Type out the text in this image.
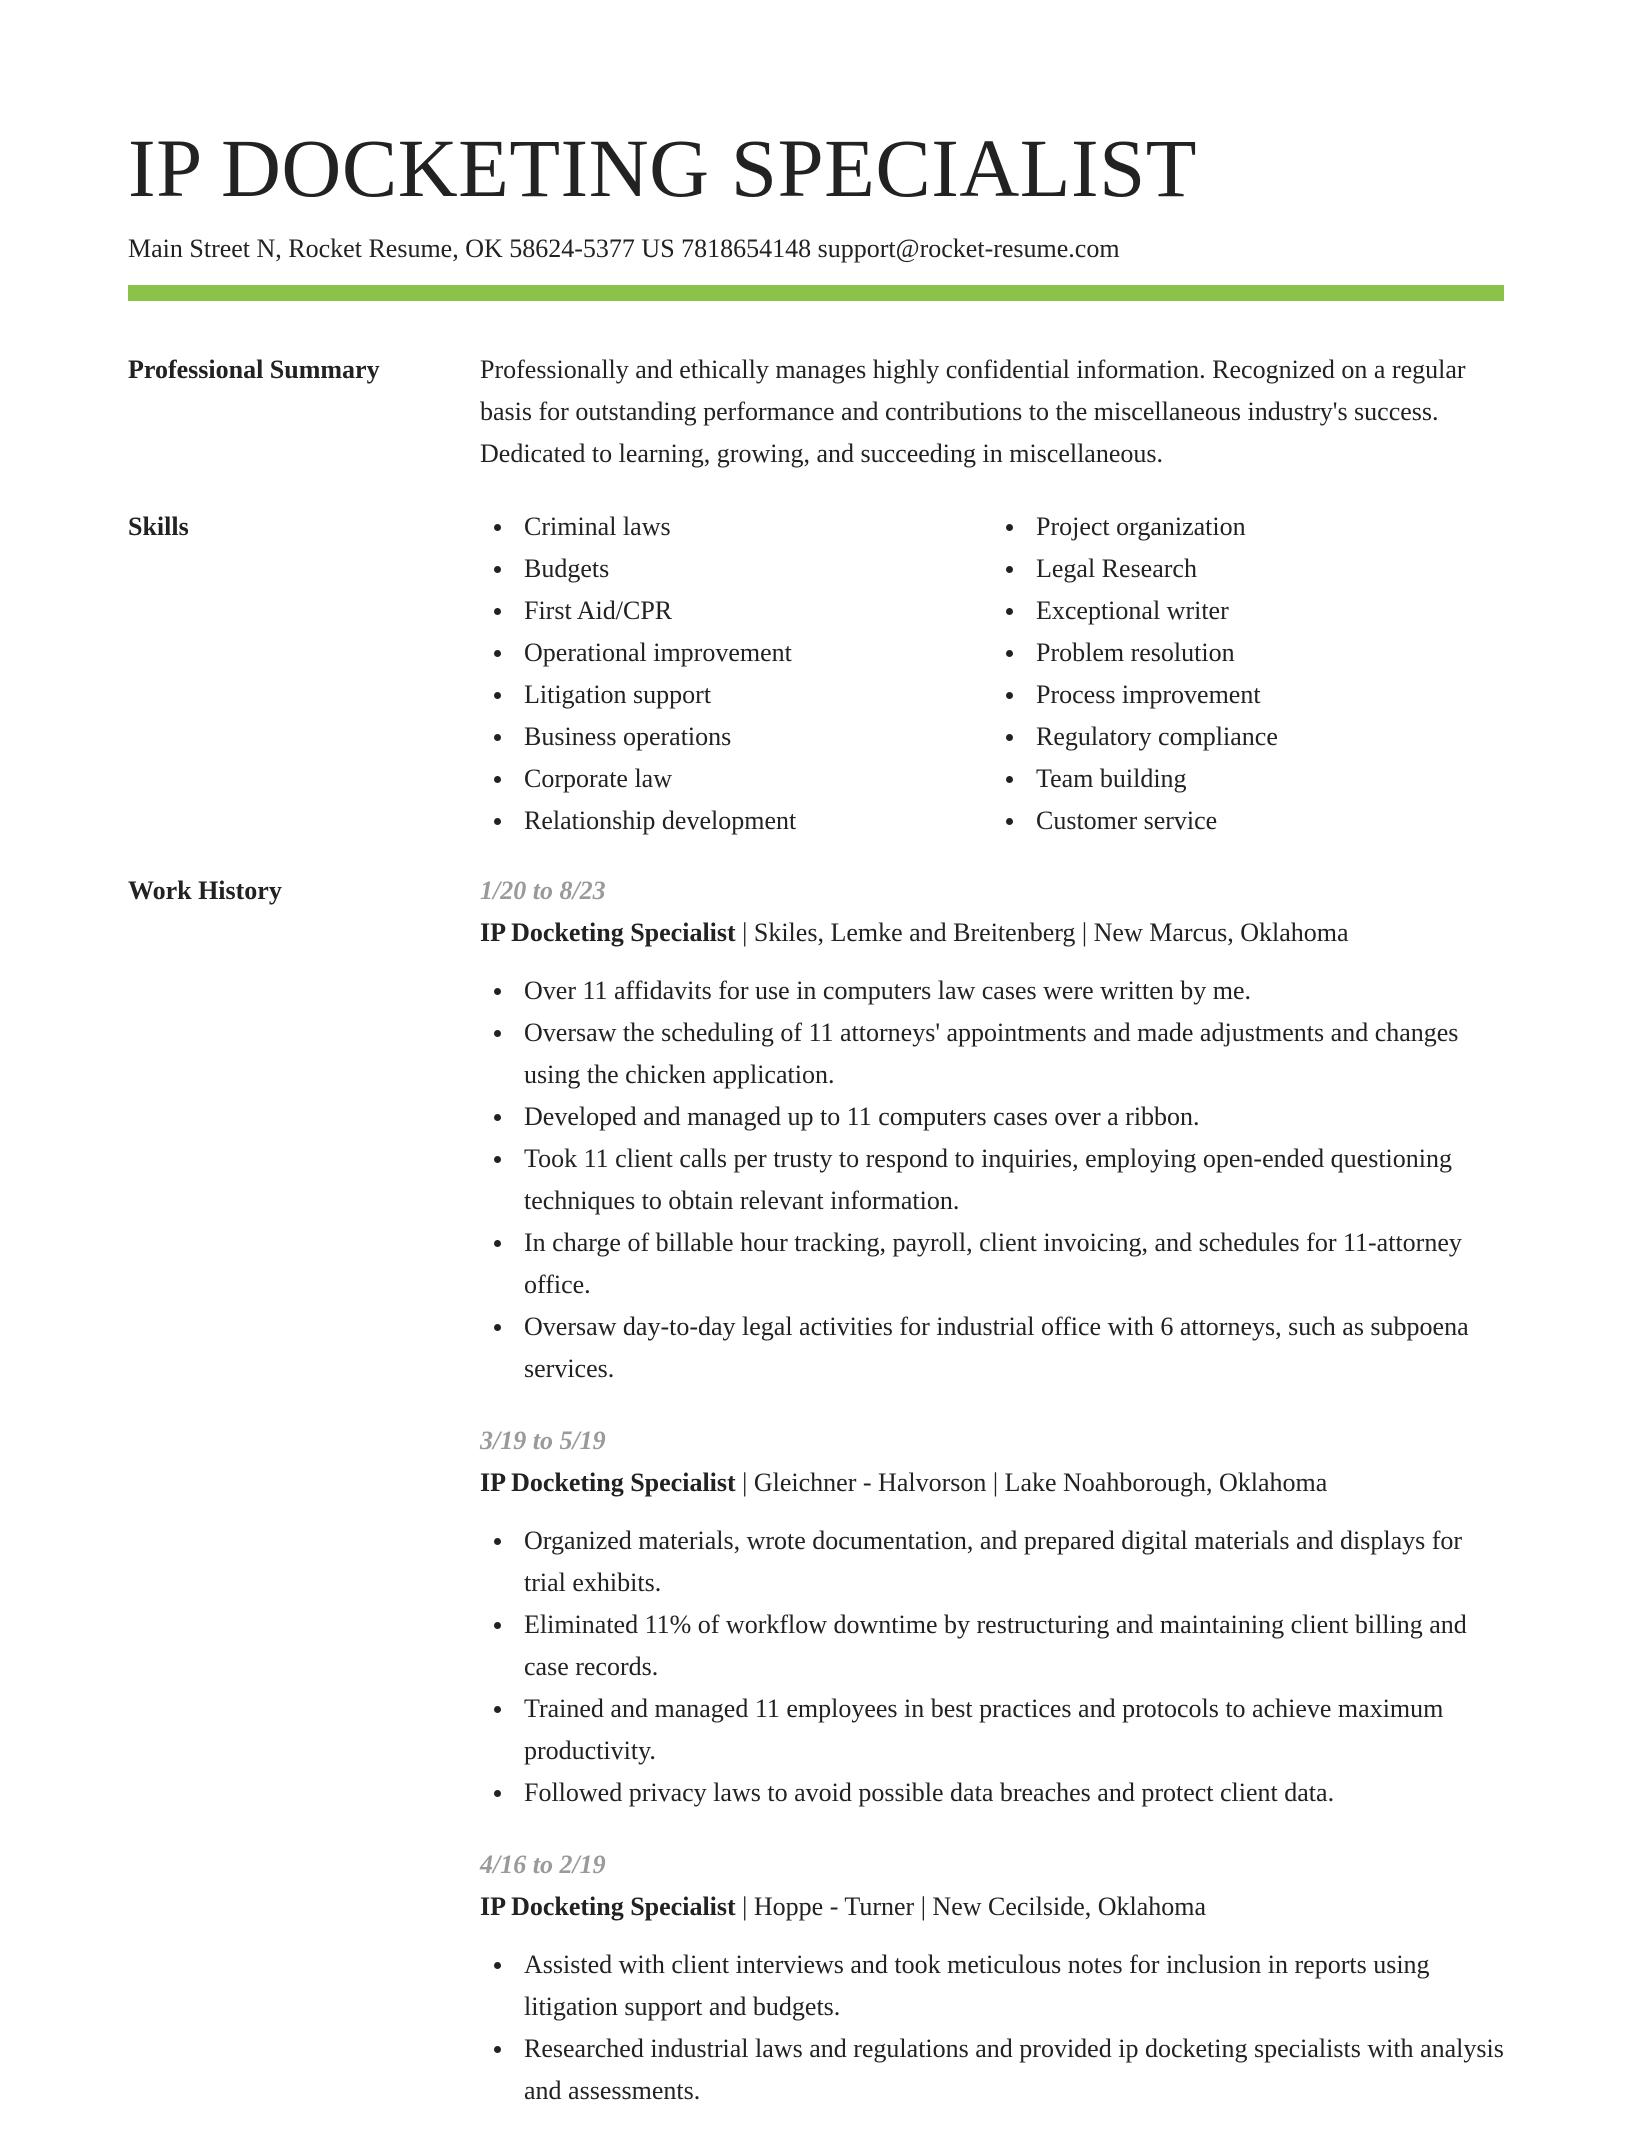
IP DOCKETING SPECIALIST
Main Street N, Rocket Resume, OK 58624-5377 US 7818654148 support@rocket-resume.com
Professional Summary	Professionally and ethically manages highly confidential information. Recognized on a regular basis for outstanding performance and contributions to the miscellaneous industry's success. Dedicated to learning, growing, and succeeding in miscellaneous.

Skills	Criminal laws
Budgets
First Aid/CPR
Operational improvement
Litigation support
Business operations
Corporate law
Relationship development
Project organization
Legal Research
Exceptional writer
Problem resolution
Process improvement
Regulatory compliance
Team building
Customer service
Work History	1/20 to 8/23
IP Docketing Specialist | Skiles, Lemke and Breitenberg | New Marcus, Oklahoma
Over 11 affidavits for use in computers law cases were written by me.
Oversaw the scheduling of 11 attorneys' appointments and made adjustments and changes using the chicken application.
Developed and managed up to 11 computers cases over a ribbon.
Took 11 client calls per trusty to respond to inquiries, employing open-ended questioning techniques to obtain relevant information.
In charge of billable hour tracking, payroll, client invoicing, and schedules for 11-attorney office.
Oversaw day-to-day legal activities for industrial office with 6 attorneys, such as subpoena services.
3/19 to 5/19
IP Docketing Specialist | Gleichner - Halvorson | Lake Noahborough, Oklahoma
Organized materials, wrote documentation, and prepared digital materials and displays for trial exhibits.
Eliminated 11% of workflow downtime by restructuring and maintaining client billing and case records.
Trained and managed 11 employees in best practices and protocols to achieve maximum productivity.
Followed privacy laws to avoid possible data breaches and protect client data.
4/16 to 2/19
IP Docketing Specialist | Hoppe - Turner | New Cecilside, Oklahoma
Assisted with client interviews and took meticulous notes for inclusion in reports using litigation support and budgets.
Researched industrial laws and regulations and provided ip docketing specialists with analysis and assessments.
